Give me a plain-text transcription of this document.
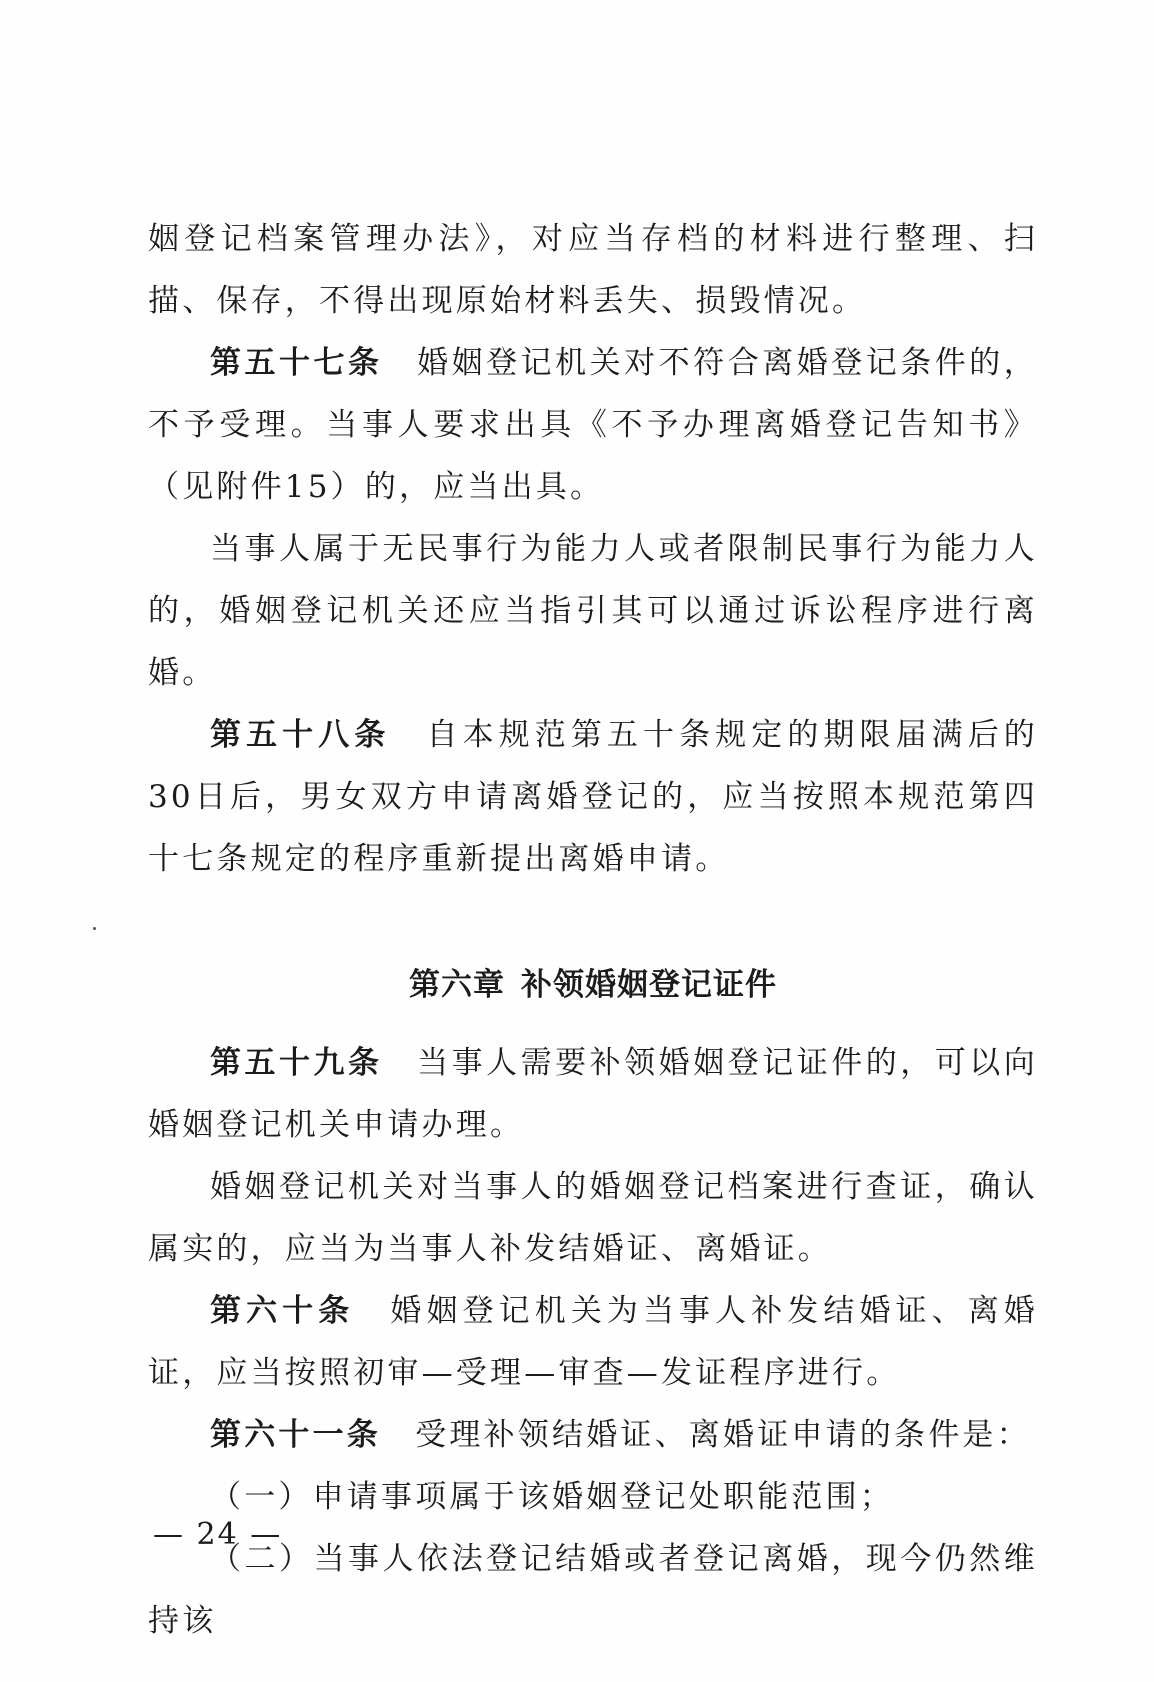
姻登记档案管理办法》，对应当存档的材料进行整理、扫描、保存，不得出现原始材料丢失、损毁情况。

第五十七条  婚姻登记机关对不符合离婚登记条件的，不予受理。当事人要求出具《不予办理离婚登记告知书》（见附件15）的，应当出具。

当事人属于无民事行为能力人或者限制民事行为能力人的，婚姻登记机关还应当指引其可以通过诉讼程序进行离婚。

第五十八条  自本规范第五十条规定的期限届满后的30日后，男女双方申请离婚登记的，应当按照本规范第四十七条规定的程序重新提出离婚申请。

第六章 补领婚姻登记证件

第五十九条  当事人需要补领婚姻登记证件的，可以向婚姻登记机关申请办理。

婚姻登记机关对当事人的婚姻登记档案进行查证，确认属实的，应当为当事人补发结婚证、离婚证。

第六十条  婚姻登记机关为当事人补发结婚证、离婚证，应当按照初审—受理—审查—发证程序进行。

第六十一条  受理补领结婚证、离婚证申请的条件是：

（一）申请事项属于该婚姻登记处职能范围；

（二）当事人依法登记结婚或者登记离婚，现今仍然维持该

— 24 —
